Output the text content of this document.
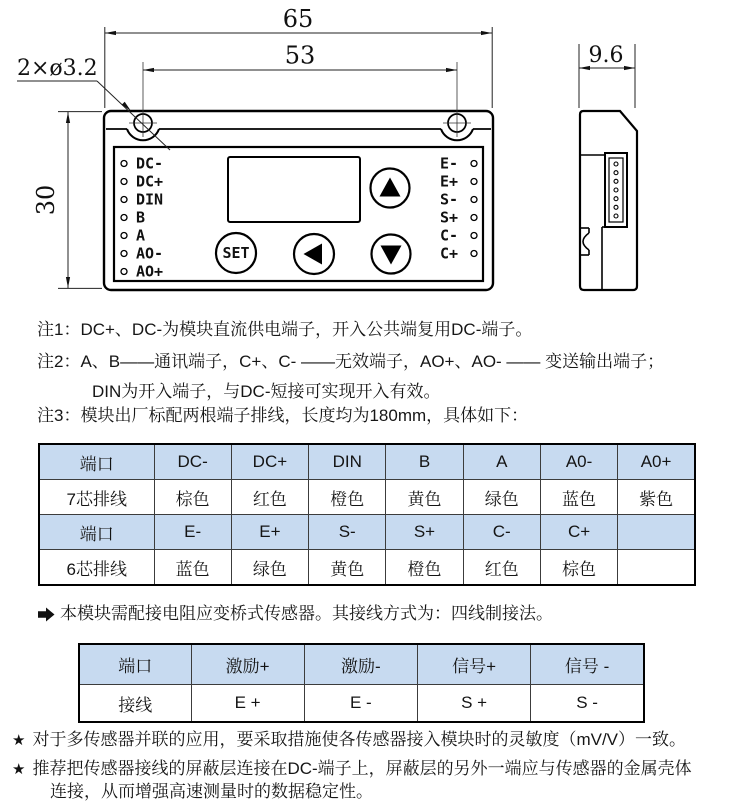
SET
DC-
DC+
DIN
B
A
AO-
AO+
E-
E+
S-
S+
C-
C+
65
53
30
9.6
2×ø3.2
注1：DC+、DC-为模块直流供电端子，开入公共端复用DC-端子。
注2：A、B——通讯端子，C+、C- ——无效端子，AO+、AO- —— 变送输出端子；
DIN为开入端子，与DC-短接可实现开入有效。
注3：模块出厂标配两根端子排线，长度均为180mm，具体如下：
端口	DC-	DC+	DIN	B	A	A0-	A0+
7芯排线	棕色	红色	橙色	黄色	绿色	蓝色	紫色
端口	E-	E+	S-	S+	C-	C+	
6芯排线	蓝色	绿色	黄色	橙色	红色	棕色	
本模块需配接电阻应变桥式传感器。其接线方式为：四线制接法。
端口	激励+	激励-	信号+	信号 -
接线	E +	E -	S +	S -
★ 对于多传感器并联的应用，要采取措施使各传感器接入模块时的灵敏度（mV/V）一致。
★ 推荐把传感器接线的屏蔽层连接在DC-端子上，屏蔽层的另外一端应与传感器的金属壳体
连接，从而增强高速测量时的数据稳定性。
